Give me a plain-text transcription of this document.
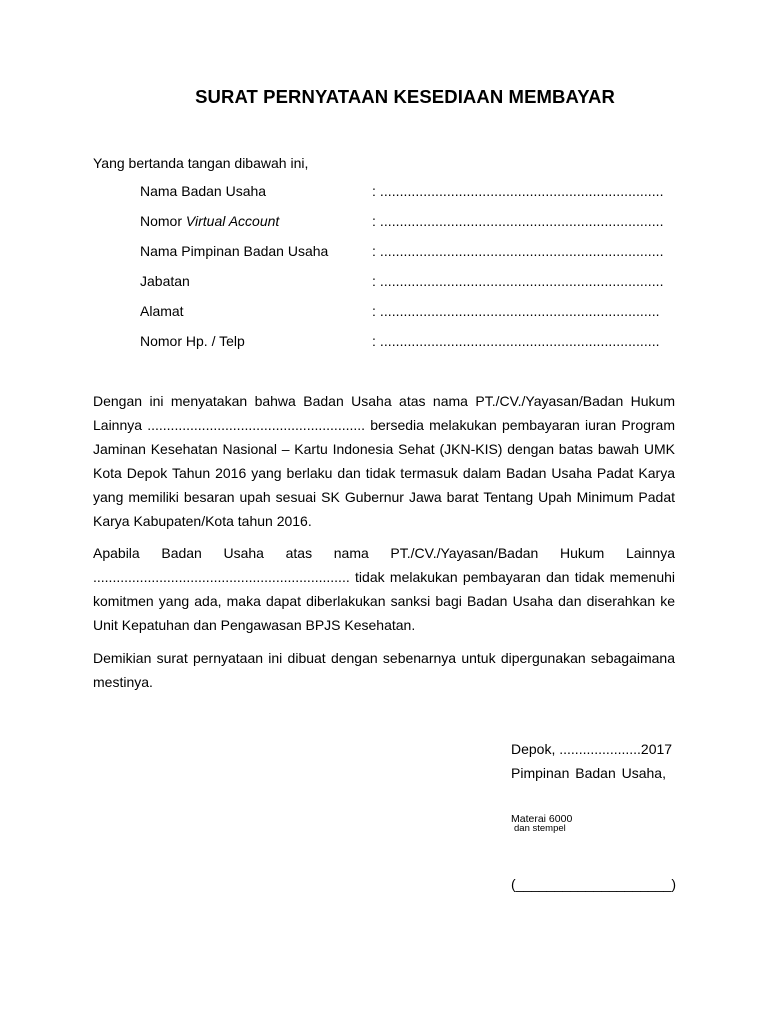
SURAT PERNYATAAN KESEDIAAN MEMBAYAR
Yang bertanda tangan dibawah ini,
Nama Badan Usaha	: ........................................................................
Nomor Virtual Account	: ........................................................................
Nama Pimpinan Badan Usaha	: ........................................................................
Jabatan	: ........................................................................
Alamat	: .......................................................................
Nomor Hp. / Telp	: .......................................................................
Dengan ini menyatakan bahwa Badan Usaha atas nama PT./CV./Yayasan/Badan Hukum Lainnya ........................................................ bersedia melakukan pembayaran iuran Program Jaminan Kesehatan Nasional – Kartu Indonesia Sehat (JKN-KIS) dengan batas bawah UMK Kota Depok Tahun 2016 yang berlaku dan tidak termasuk dalam Badan Usaha Padat Karya yang memiliki besaran upah sesuai SK Gubernur Jawa barat Tentang Upah Minimum Padat Karya Kabupaten/Kota tahun 2016.
Apabila Badan Usaha atas nama PT./CV./Yayasan/Badan Hukum Lainnya .................................................................. tidak melakukan pembayaran dan tidak memenuhi komitmen yang ada, maka dapat diberlakukan sanksi bagi Badan Usaha dan diserahkan ke Unit Kepatuhan dan Pengawasan BPJS Kesehatan.
Demikian surat pernyataan ini dibuat dengan sebenarnya untuk dipergunakan sebagaimana mestinya.
Depok, .....................2017
Pimpinan Badan Usaha,
Materai 6000
dan stempel
(____________________)
